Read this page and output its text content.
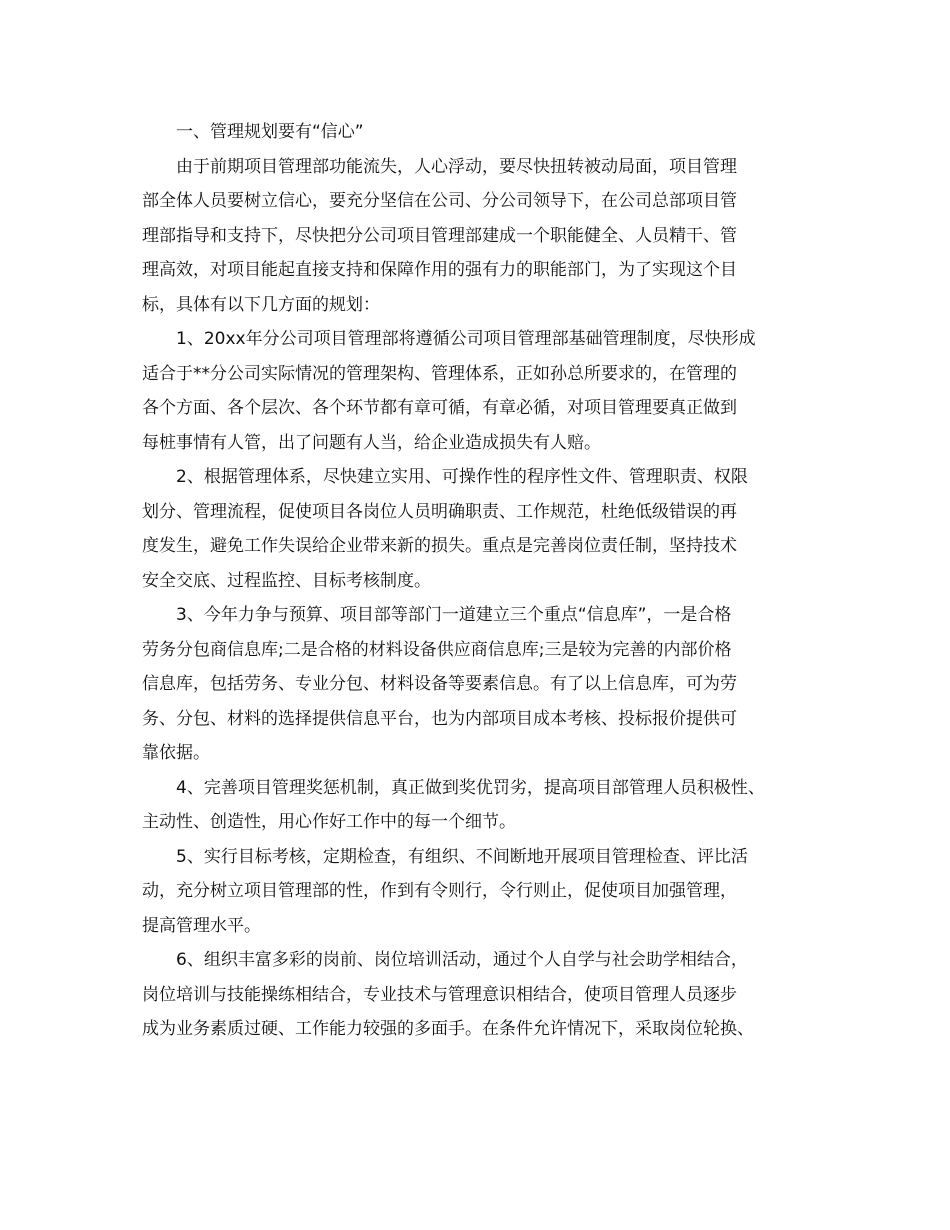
一、管理规划要有“信心”
由于前期项目管理部功能流失，人心浮动，要尽快扭转被动局面，项目管理
部全体人员要树立信心，要充分坚信在公司、分公司领导下，在公司总部项目管
理部指导和支持下，尽快把分公司项目管理部建成一个职能健全、人员精干、管
理高效，对项目能起直接支持和保障作用的强有力的职能部门，为了实现这个目
标，具体有以下几方面的规划：
1、20xx年分公司项目管理部将遵循公司项目管理部基础管理制度，尽快形成
适合于**分公司实际情况的管理架构、管理体系，正如孙总所要求的，在管理的
各个方面、各个层次、各个环节都有章可循，有章必循，对项目管理要真正做到
每桩事情有人管，出了问题有人当，给企业造成损失有人赔。
2、根据管理体系，尽快建立实用、可操作性的程序性文件、管理职责、权限
划分、管理流程，促使项目各岗位人员明确职责、工作规范，杜绝低级错误的再
度发生，避免工作失误给企业带来新的损失。重点是完善岗位责任制，坚持技术
安全交底、过程监控、目标考核制度。
3、今年力争与预算、项目部等部门一道建立三个重点“信息库”，一是合格
劳务分包商信息库;二是合格的材料设备供应商信息库;三是较为完善的内部价格
信息库，包括劳务、专业分包、材料设备等要素信息。有了以上信息库，可为劳
务、分包、材料的选择提供信息平台，也为内部项目成本考核、投标报价提供可
靠依据。
4、完善项目管理奖惩机制，真正做到奖优罚劣，提高项目部管理人员积极性、
主动性、创造性，用心作好工作中的每一个细节。
5、实行目标考核，定期检查，有组织、不间断地开展项目管理检查、评比活
动，充分树立项目管理部的性，作到有令则行，令行则止，促使项目加强管理，
提高管理水平。
6、组织丰富多彩的岗前、岗位培训活动，通过个人自学与社会助学相结合，
岗位培训与技能操练相结合，专业技术与管理意识相结合，使项目管理人员逐步
成为业务素质过硬、工作能力较强的多面手。在条件允许情况下，采取岗位轮换、
